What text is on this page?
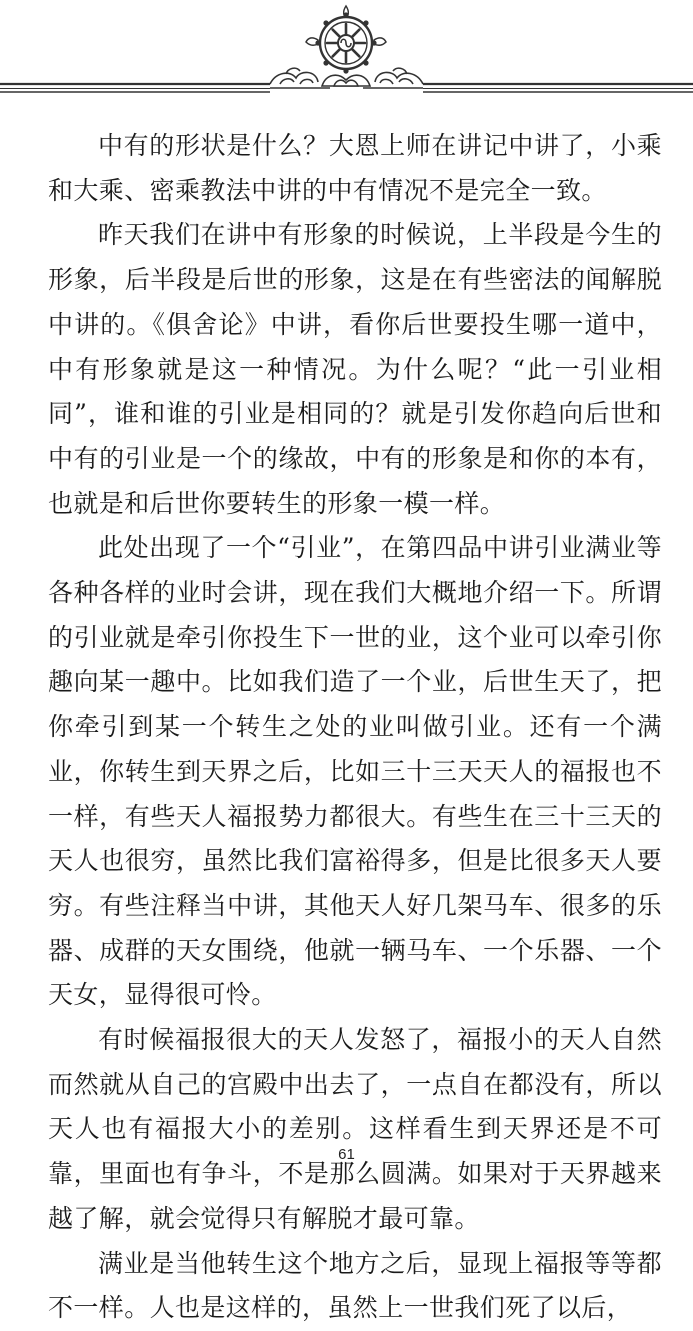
中有的形状是什么？大恩上师在讲记中讲了，小乘和大乘、密乘教法中讲的中有情况不是完全一致。

昨天我们在讲中有形象的时候说，上半段是今生的形象，后半段是后世的形象，这是在有些密法的闻解脱中讲的。《俱舍论》中讲，看你后世要投生哪一道中，中有形象就是这一种情况。为什么呢？“此一引业相同”，谁和谁的引业是相同的？就是引发你趋向后世和中有的引业是一个的缘故，中有的形象是和你的本有，也就是和后世你要转生的形象一模一样。

此处出现了一个“引业”，在第四品中讲引业满业等各种各样的业时会讲，现在我们大概地介绍一下。所谓的引业就是牵引你投生下一世的业，这个业可以牵引你趣向某一趣中。比如我们造了一个业，后世生天了，把你牵引到某一个转生之处的业叫做引业。还有一个满业，你转生到天界之后，比如三十三天天人的福报也不一样，有些天人福报势力都很大。有些生在三十三天的天人也很穷，虽然比我们富裕得多，但是比很多天人要穷。有些注释当中讲，其他天人好几架马车、很多的乐器、成群的天女围绕，他就一辆马车、一个乐器、一个天女，显得很可怜。

有时候福报很大的天人发怒了，福报小的天人自然而然就从自己的宫殿中出去了，一点自在都没有，所以天人也有福报大小的差别。这样看生到天界还是不可靠，里面也有争斗，不是那么圆满。如果对于天界越来越了解，就会觉得只有解脱才最可靠。

满业是当他转生这个地方之后，显现上福报等等都不一样。人也是这样的，虽然上一世我们死了以后，

61
